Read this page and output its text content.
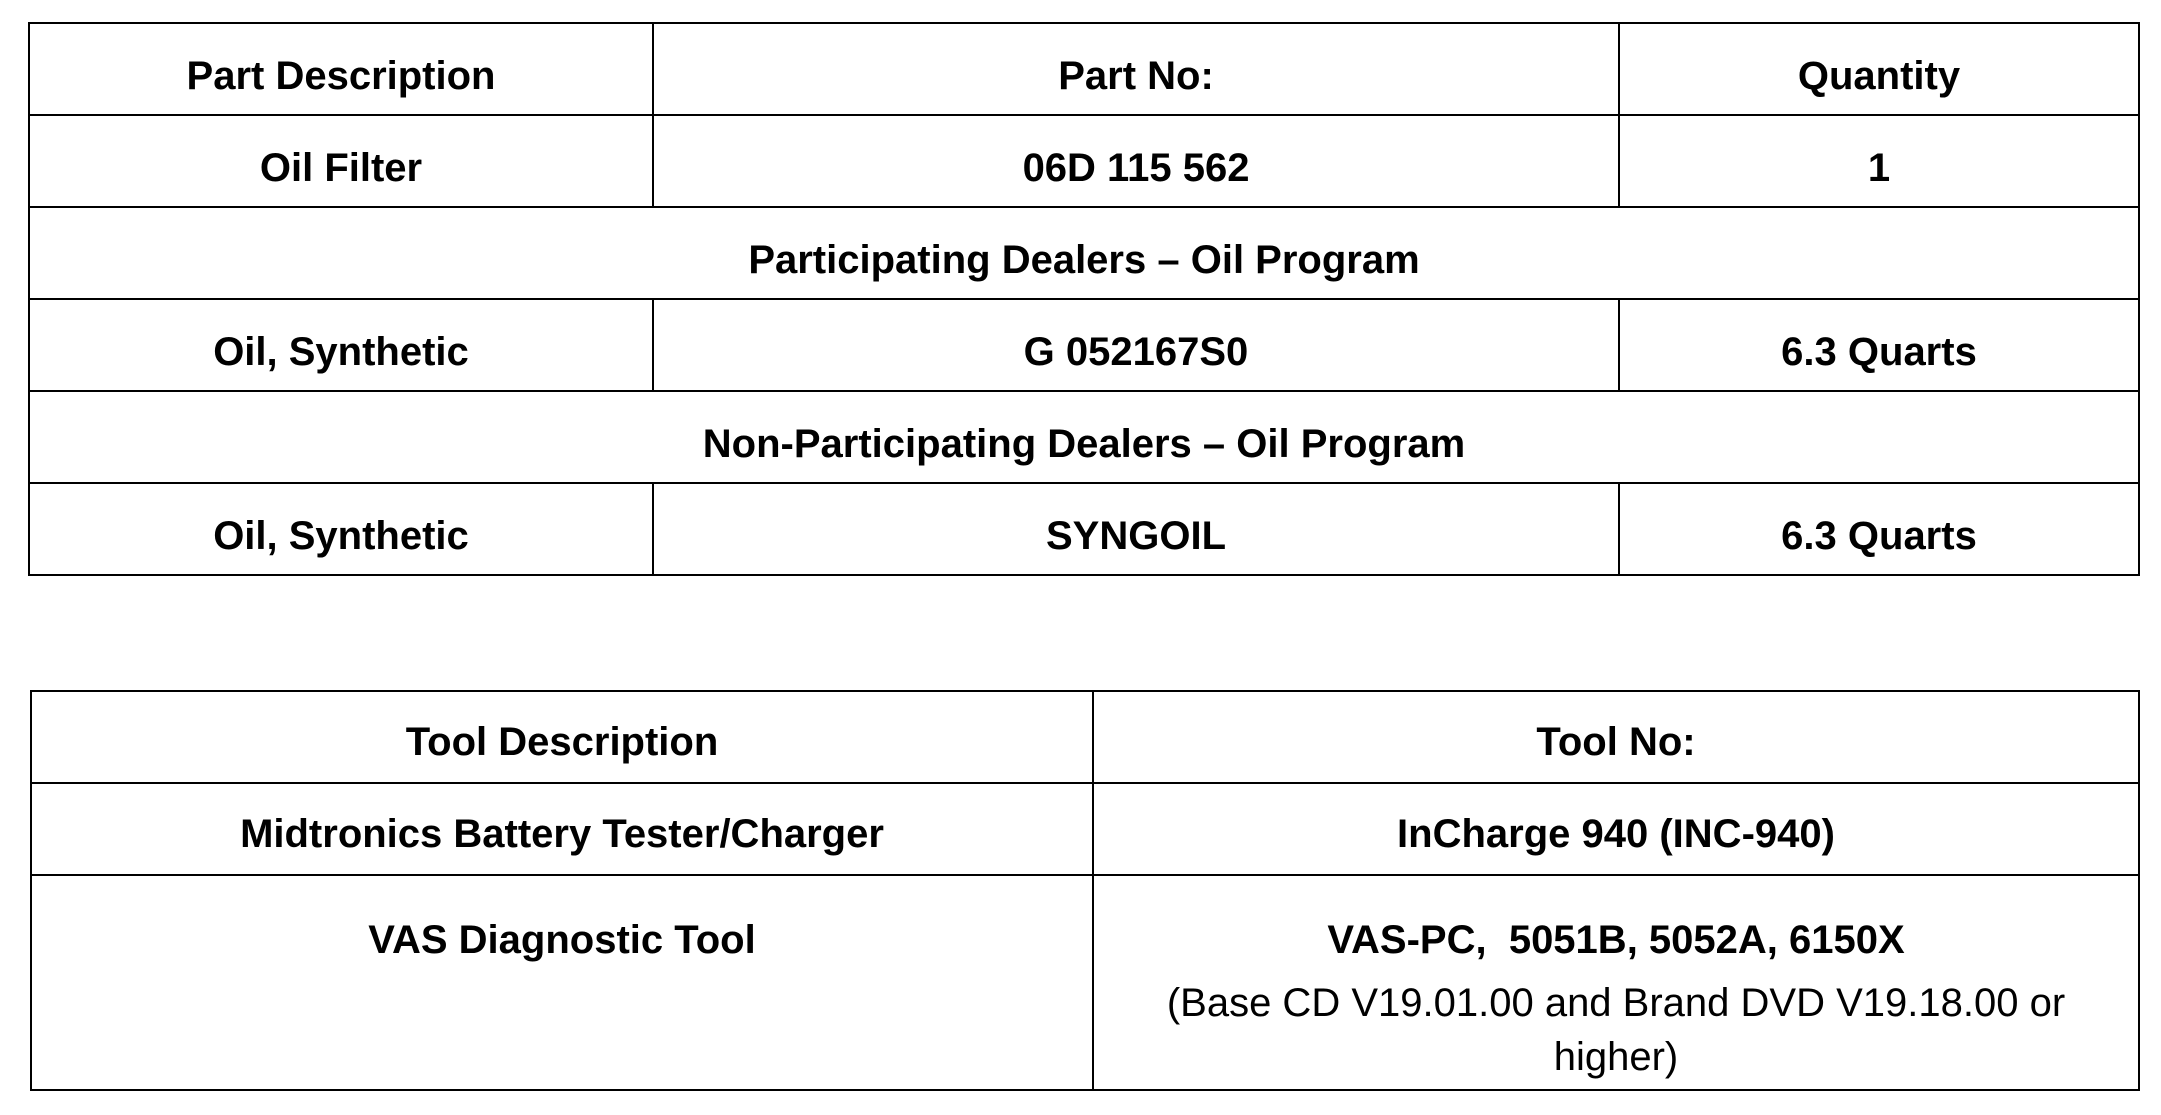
Part Description	Part No:	Quantity
Oil Filter	06D 115 562	1
Participating Dealers – Oil Program		
Oil, Synthetic	G 052167S0	6.3 Quarts
Non-Participating Dealers – Oil Program		
Oil, Synthetic	SYNGOIL	6.3 Quarts
Tool Description	Tool No:
Midtronics Battery Tester/Charger	InCharge 940 (INC-940)
VAS Diagnostic Tool	VAS-PC,  5051B, 5052A, 6150X
(Base CD V19.01.00 and Brand DVD V19.18.00 or higher)
